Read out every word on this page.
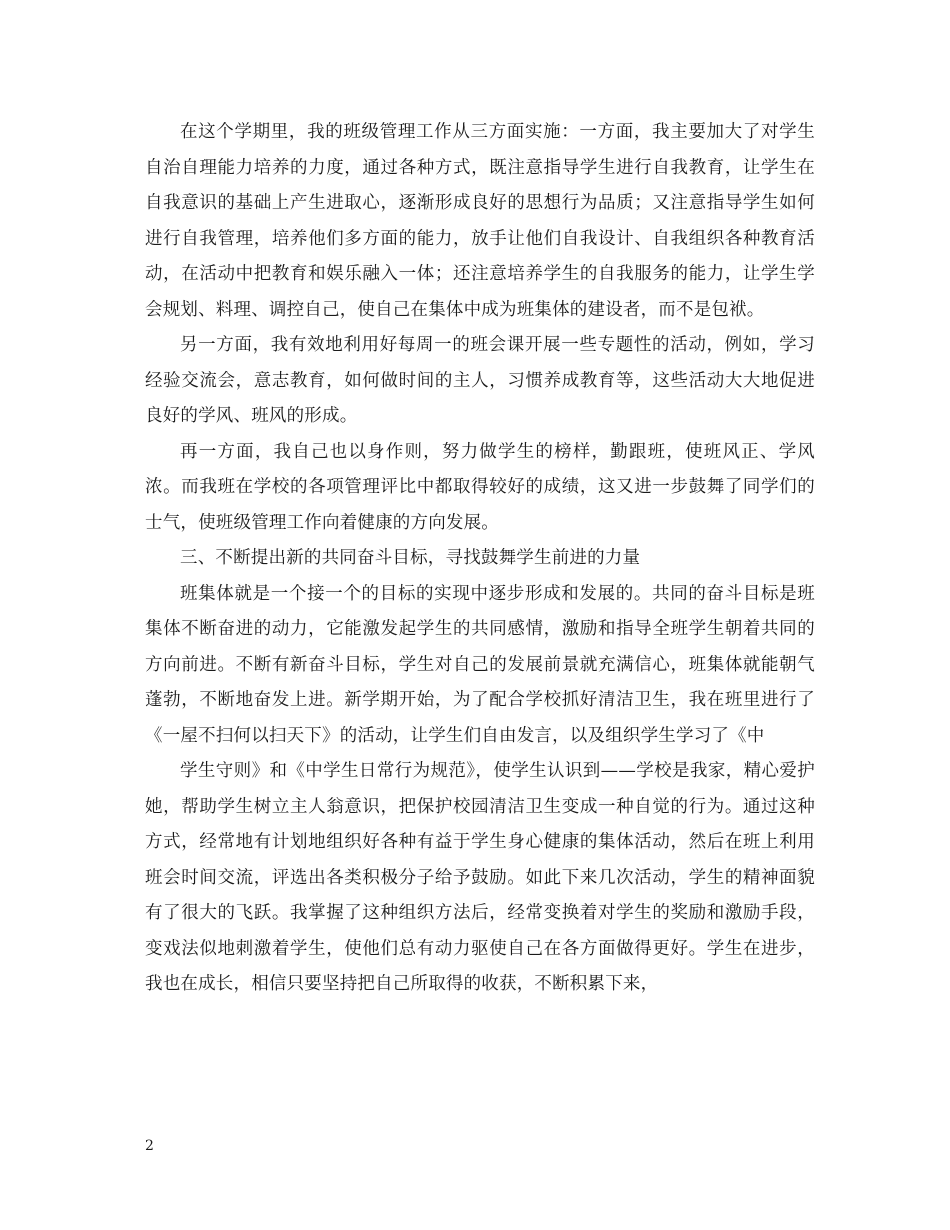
在这个学期里，我的班级管理工作从三方面实施：一方面，我主要加大了对学生自治自理能力培养的力度，通过各种方式，既注意指导学生进行自我教育，让学生在自我意识的基础上产生进取心，逐渐形成良好的思想行为品质；又注意指导学生如何进行自我管理，培养他们多方面的能力，放手让他们自我设计、自我组织各种教育活动，在活动中把教育和娱乐融入一体；还注意培养学生的自我服务的能力，让学生学会规划、料理、调控自己，使自己在集体中成为班集体的建设者，而不是包袱。

另一方面，我有效地利用好每周一的班会课开展一些专题性的活动，例如，学习经验交流会，意志教育，如何做时间的主人，习惯养成教育等，这些活动大大地促进良好的学风、班风的形成。

再一方面，我自己也以身作则，努力做学生的榜样，勤跟班，使班风正、学风浓。而我班在学校的各项管理评比中都取得较好的成绩，这又进一步鼓舞了同学们的士气，使班级管理工作向着健康的方向发展。

三、不断提出新的共同奋斗目标，寻找鼓舞学生前进的力量

班集体就是一个接一个的目标的实现中逐步形成和发展的。共同的奋斗目标是班集体不断奋进的动力，它能激发起学生的共同感情，激励和指导全班学生朝着共同的方向前进。不断有新奋斗目标，学生对自己的发展前景就充满信心，班集体就能朝气蓬勃，不断地奋发上进。新学期开始，为了配合学校抓好清洁卫生，我在班里进行了《一屋不扫何以扫天下》的活动，让学生们自由发言，以及组织学生学习了《中

学生守则》和《中学生日常行为规范》，使学生认识到——学校是我家，精心爱护她，帮助学生树立主人翁意识，把保护校园清洁卫生变成一种自觉的行为。通过这种方式，经常地有计划地组织好各种有益于学生身心健康的集体活动，然后在班上利用班会时间交流，评选出各类积极分子给予鼓励。如此下来几次活动，学生的精神面貌有了很大的飞跃。我掌握了这种组织方法后，经常变换着对学生的奖励和激励手段，变戏法似地刺激着学生，使他们总有动力驱使自己在各方面做得更好。学生在进步，我也在成长，相信只要坚持把自己所取得的收获，不断积累下来，

2
